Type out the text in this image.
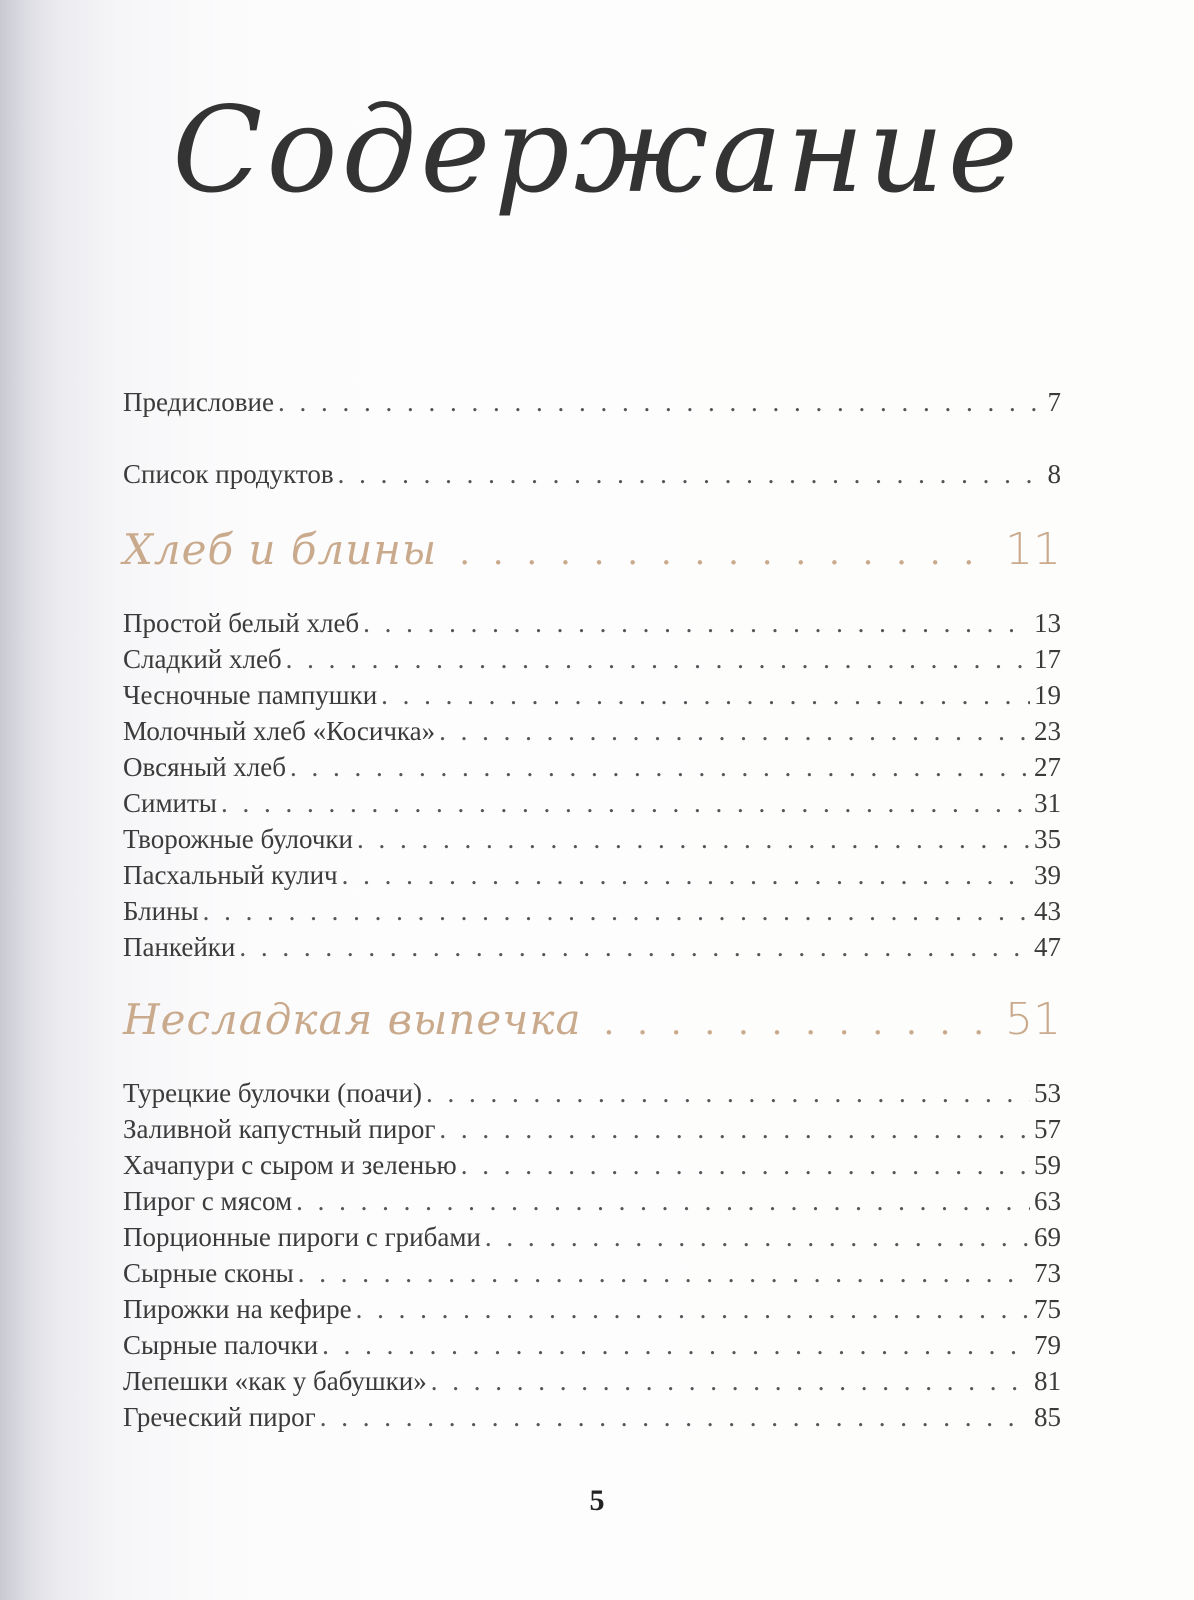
Содержание
Предисловие . . .	7
Список продуктов . . .	8
Хлеб и блины . . .	11
Простой белый хлеб . . .	13
Сладкий хлеб . . .	17
Чесночные пампушки . . .	19
Молочный хлеб «Косичка» . . .	23
Овсяный хлеб . . .	27
Симиты . . .	31
Творожные булочки . . .	35
Пасхальный кулич . . .	39
Блины . . .	43
Панкейки . . .	47
Несладкая выпечка . . .	51
Турецкие булочки (поачи) . . .	53
Заливной капустный пирог . . .	57
Хачапури с сыром и зеленью . . .	59
Пирог с мясом . . .	63
Порционные пироги с грибами . . .	69
Сырные сконы . . .	73
Пирожки на кефире . . .	75
Сырные палочки . . .	79
Лепешки «как у бабушки» . . .	81
Греческий пирог . . .	85
5
